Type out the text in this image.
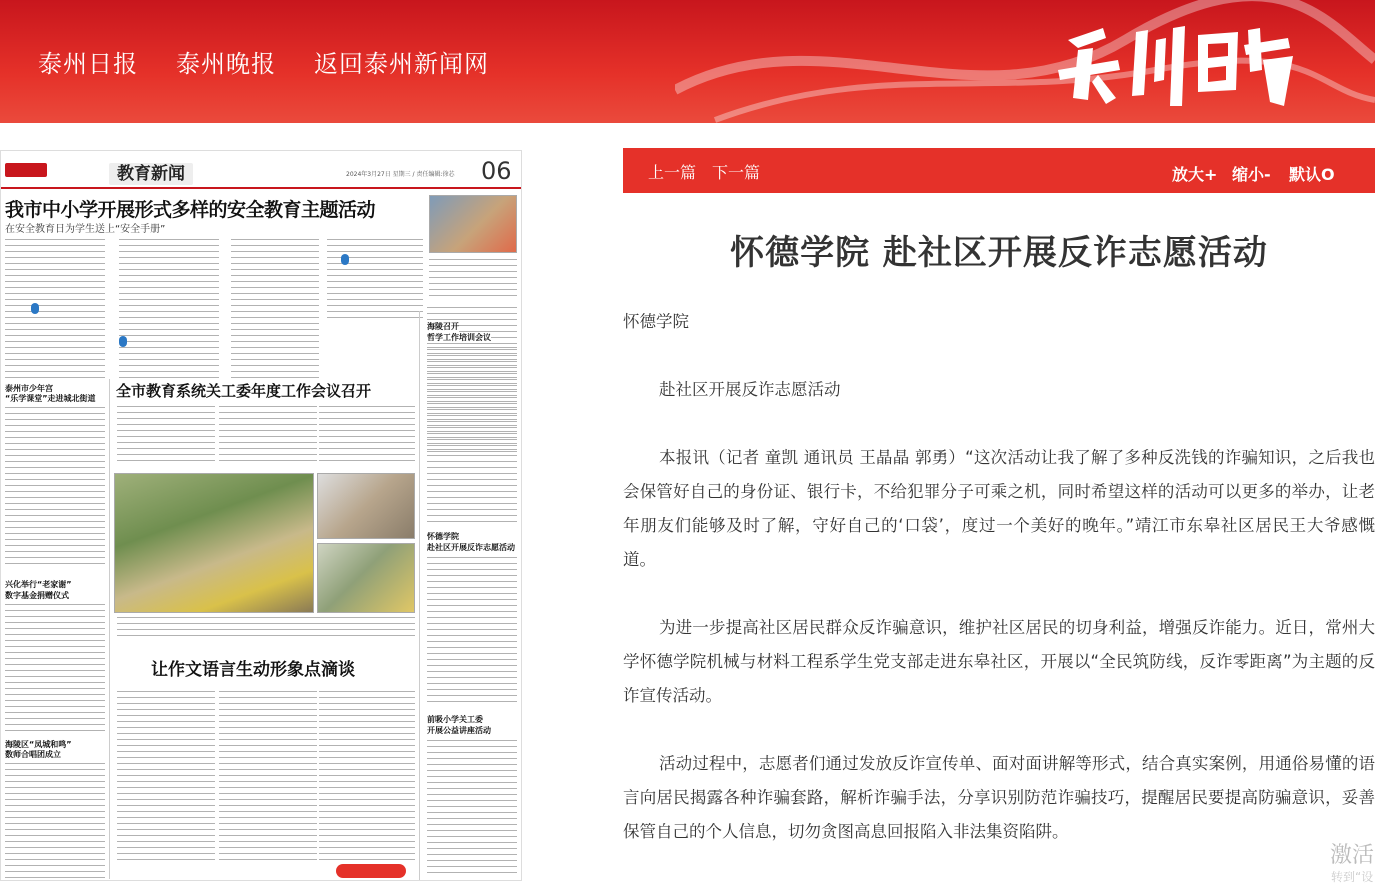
泰州日报 泰州晚报 返回泰州新闻网
教育新闻	2024年3月27日 星期三 / 责任编辑:徐芯 06
我市中小学开展形式多样的安全教育主题活动
在安全教育日为学生送上“安全手册”
泰州市少年宫
“乐学课堂”走进城北街道
兴化举行“老家谢”
数字基金捐赠仪式
海陵区“凤城和鸣”
数师合唱团成立
全市教育系统关工委年度工作会议召开
让作文语言生动形象点滴谈
海陵召开
哲学工作培训会议
怀德学院
赴社区开展反诈志愿活动
前吸小学关工委
开展公益讲座活动
上一篇 下一篇	放大+ 缩小- 默认O
怀德学院 赴社区开展反诈志愿活动

怀德学院

赴社区开展反诈志愿活动

本报讯（记者 童凯 通讯员 王晶晶 郭勇）“这次活动让我了解了多种反洗钱的诈骗知识，之后我也会保管好自己的身份证、银行卡，不给犯罪分子可乘之机，同时希望这样的活动可以更多的举办，让老年朋友们能够及时了解，守好自己的‘口袋’，度过一个美好的晚年。”靖江市东皋社区居民王大爷感慨道。

为进一步提高社区居民群众反诈骗意识，维护社区居民的切身利益，增强反诈能力。近日，常州大学怀德学院机械与材料工程系学生党支部走进东皋社区，开展以“全民筑防线，反诈零距离”为主题的反诈宣传活动。

活动过程中，志愿者们通过发放反诈宣传单、面对面讲解等形式，结合真实案例，用通俗易懂的语言向居民揭露各种诈骗套路，解析诈骗手法，分享识别防范诈骗技巧，提醒居民要提高防骗意识，妥善保管自己的个人信息，切勿贪图高息回报陷入非法集资陷阱。

激活
转到“设
